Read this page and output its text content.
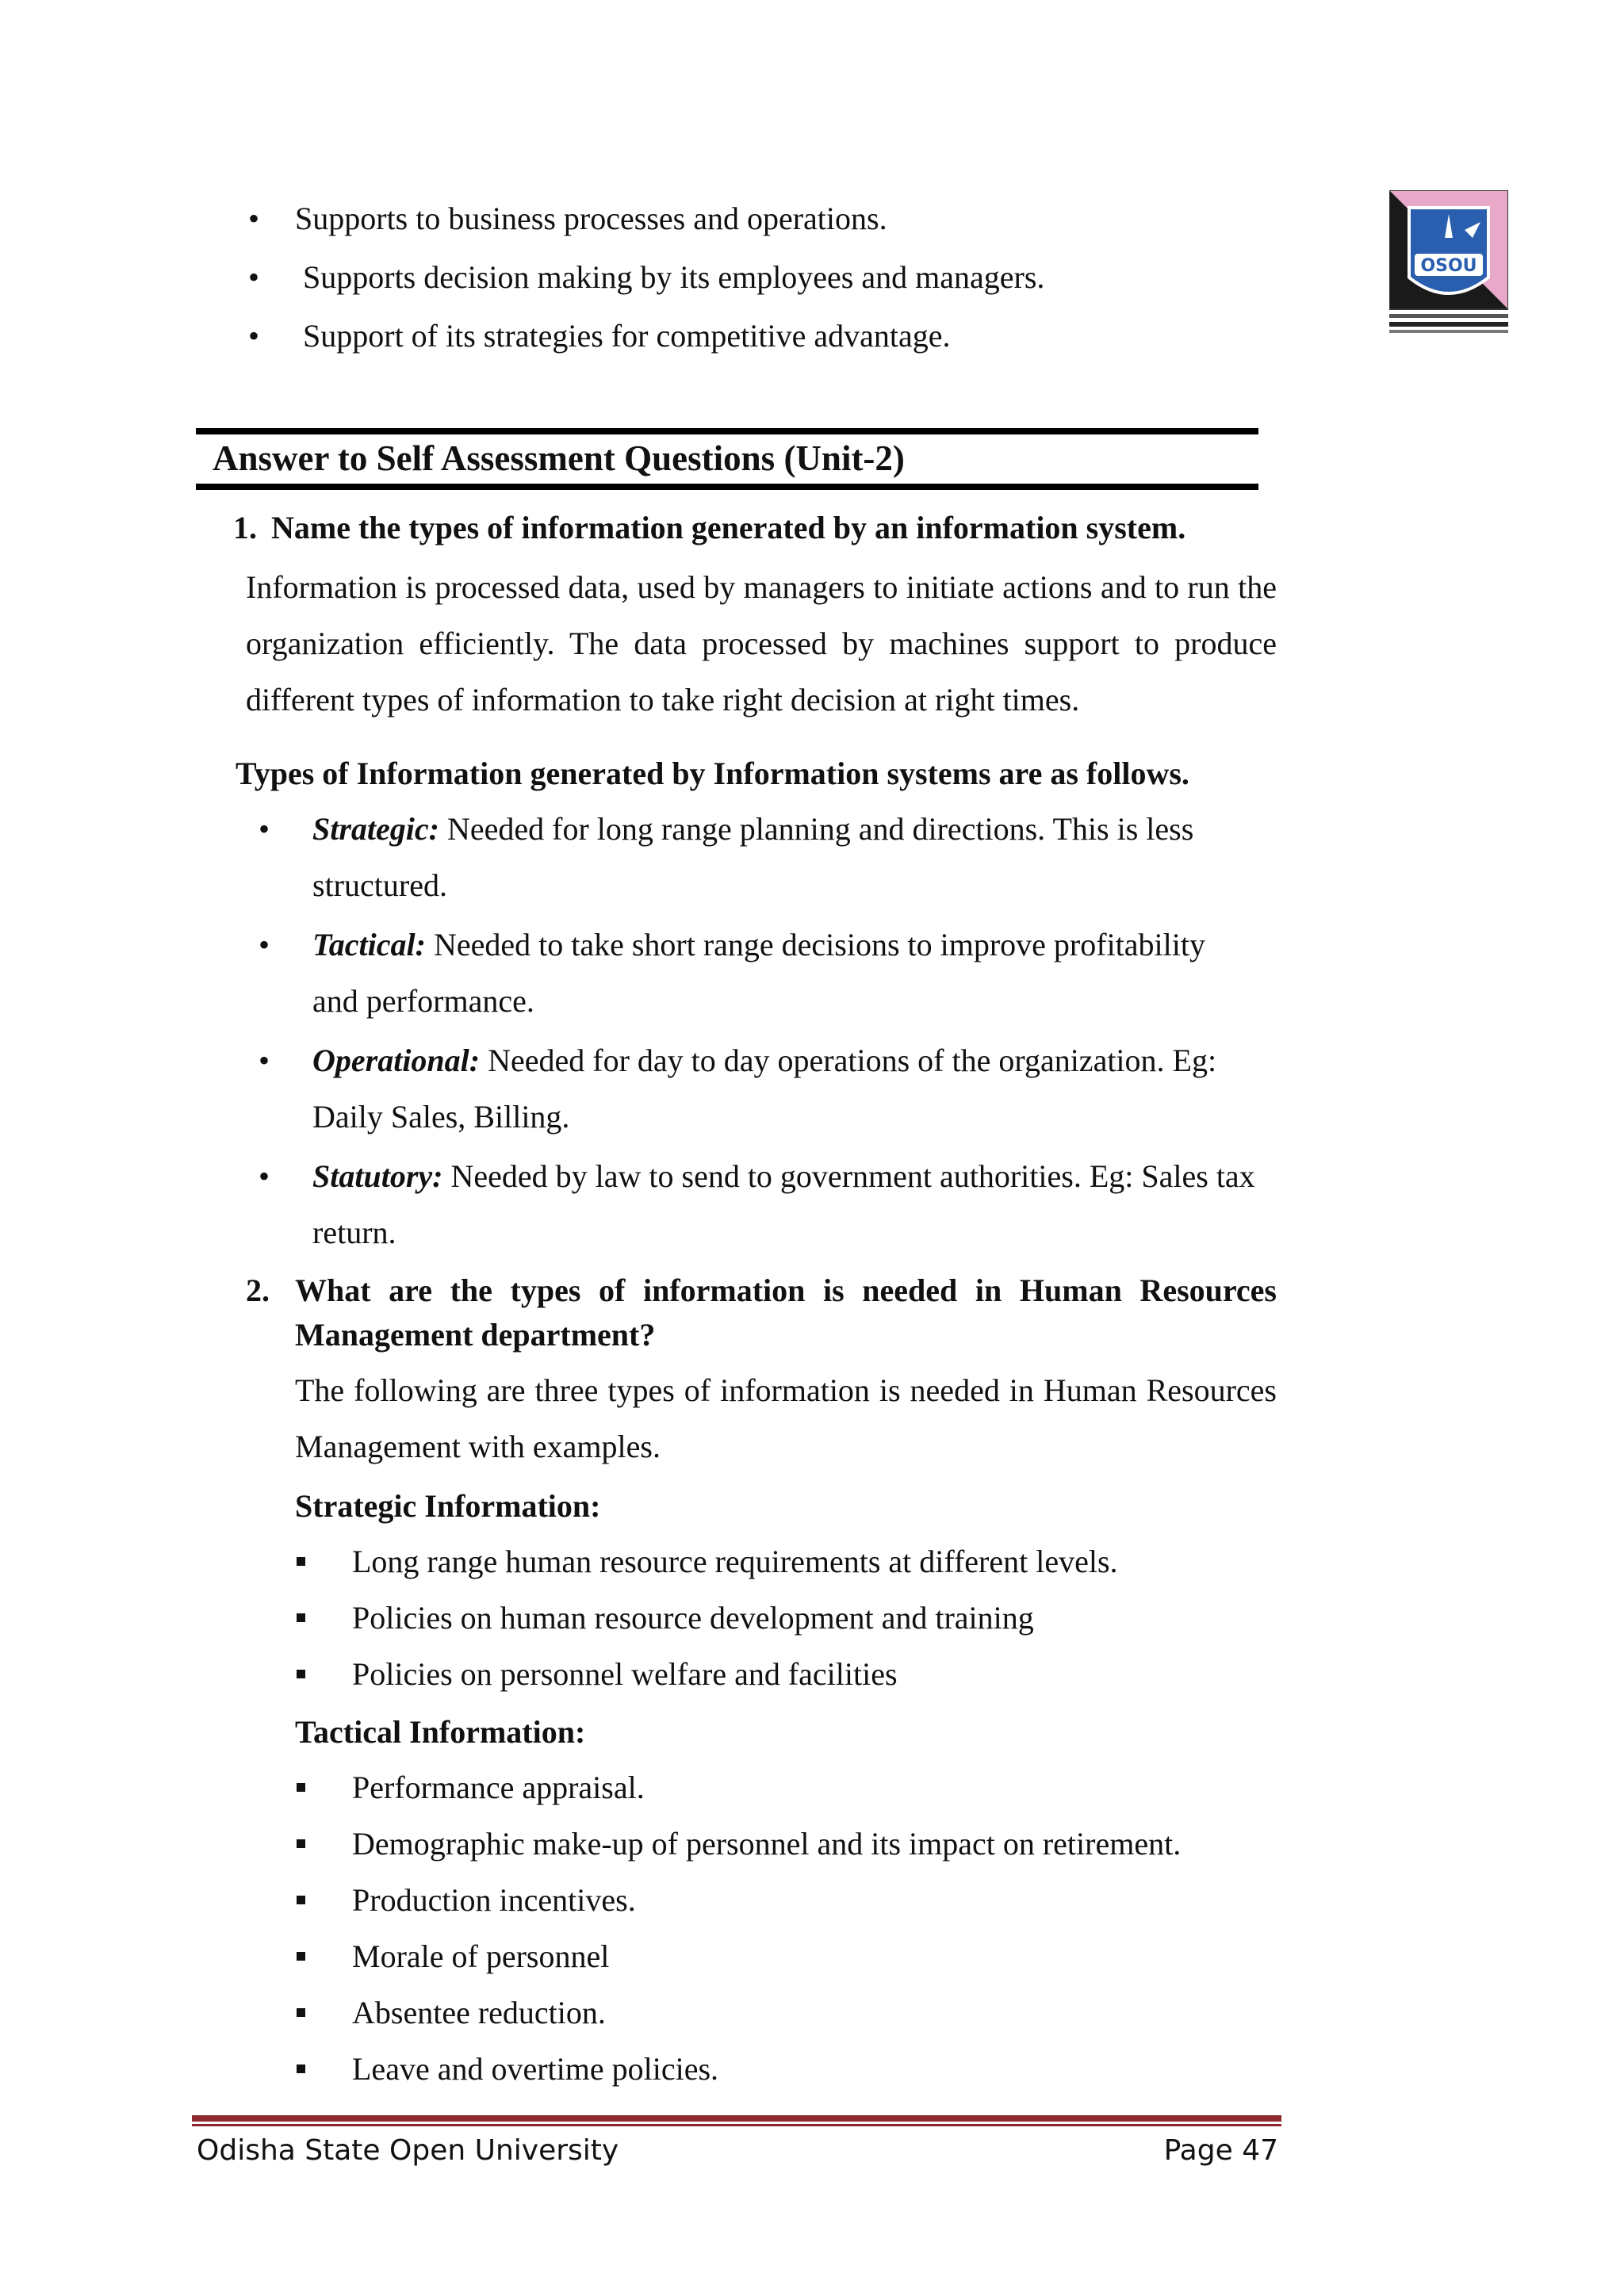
•	Supports to business processes and operations.
•	Supports decision making by its employees and managers.
•	Support of its strategies for competitive advantage.
OSOU
Answer to Self Assessment Questions (Unit-2)
1. Name the types of information generated by an information system.
Information is processed data, used by managers to initiate actions and to run the organization efficiently. The data processed by machines support to produce different types of information to take right decision at right times.
Types of Information generated by Information systems are as follows.
• Strategic: Needed for long range planning and directions. This is less structured.
• Tactical: Needed to take short range decisions to improve profitability and performance.
• Operational: Needed for day to day operations of the organization. Eg: Daily Sales, Billing.
• Statutory: Needed by law to send to government authorities. Eg: Sales tax return.
2. What are the types of information is needed in Human Resources Management department?
The following are three types of information is needed in Human Resources Management with examples.
Strategic Information:
Long range human resource requirements at different levels.
Policies on human resource development and training
Policies on personnel welfare and facilities
Tactical Information:
Performance appraisal.
Demographic make-up of personnel and its impact on retirement.
Production incentives.
Morale of personnel
Absentee reduction.
Leave and overtime policies.
Odisha State Open University	Page 47
